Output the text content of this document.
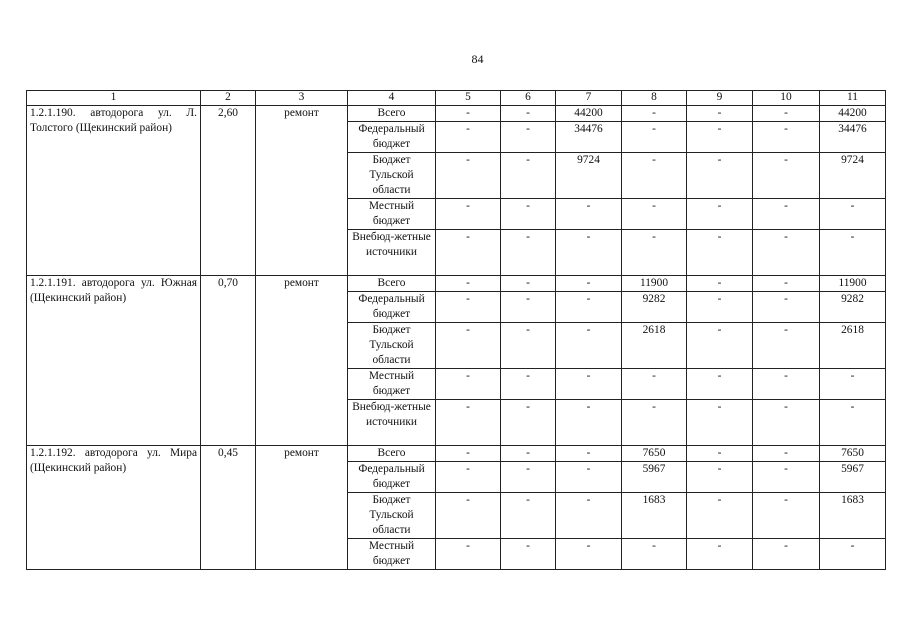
84
1	2	3	4	5	6	7	8	9	10	11
1.2.1.190. автодорога ул. Л. Толстого (Щекинский район)	2,60	ремонт	Всего	-	-	44200	-	-	-	44200
			Федеральный бюджет	-	-	34476	-	-	-	34476
			Бюджет Тульской области	-	-	9724	-	-	-	9724
			Местный бюджет	-	-	-	-	-	-	-
			Внебюд-жетные источники	-	-	-	-	-	-	-
1.2.1.191. автодорога ул. Южная (Щекинский район)	0,70	ремонт	Всего	-	-	-	11900	-	-	11900
			Федеральный бюджет	-	-	-	9282	-	-	9282
			Бюджет Тульской области	-	-	-	2618	-	-	2618
			Местный бюджет	-	-	-	-	-	-	-
			Внебюд-жетные источники	-	-	-	-	-	-	-
1.2.1.192. автодорога ул. Мира (Щекинский район)	0,45	ремонт	Всего	-	-	-	7650	-	-	7650
			Федеральный бюджет	-	-	-	5967	-	-	5967
			Бюджет Тульской области	-	-	-	1683	-	-	1683
			Местный бюджет	-	-	-	-	-	-	-
